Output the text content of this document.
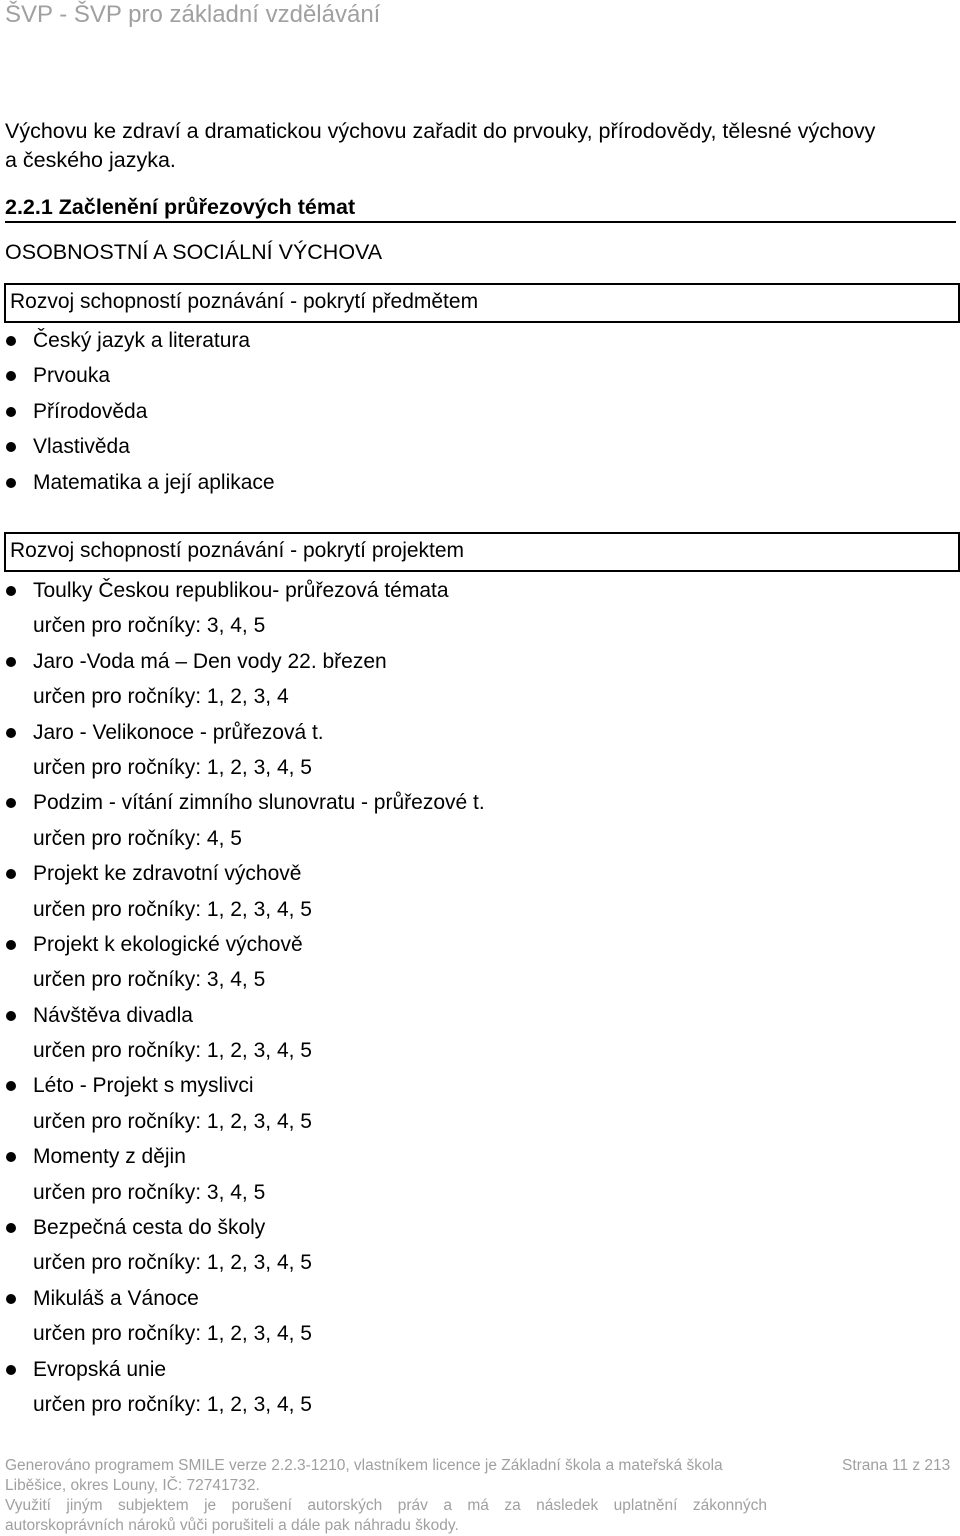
ŠVP - ŠVP pro základní vzdělávání
Výchovu ke zdraví a dramatickou výchovu zařadit do prvouky, přírodovědy, tělesné výchovy
a českého jazyka.
2.2.1 Začlenění průřezových témat
OSOBNOSTNÍ A SOCIÁLNÍ VÝCHOVA
Rozvoj schopností poznávání - pokrytí předmětem
Český jazyk a literatura
Prvouka
Přírodověda
Vlastivěda
Matematika a její aplikace
Rozvoj schopností poznávání - pokrytí projektem
Toulky Českou republikou- průřezová témata
určen pro ročníky: 3, 4, 5
Jaro -Voda má – Den vody 22. březen
určen pro ročníky: 1, 2, 3, 4
Jaro - Velikonoce - průřezová t.
určen pro ročníky: 1, 2, 3, 4, 5
Podzim - vítání zimního slunovratu - průřezové t.
určen pro ročníky: 4, 5
Projekt ke zdravotní výchově
určen pro ročníky: 1, 2, 3, 4, 5
Projekt k ekologické výchově
určen pro ročníky: 3, 4, 5
Návštěva divadla
určen pro ročníky: 1, 2, 3, 4, 5
Léto - Projekt s myslivci
určen pro ročníky: 1, 2, 3, 4, 5
Momenty z dějin
určen pro ročníky: 3, 4, 5
Bezpečná cesta do školy
určen pro ročníky: 1, 2, 3, 4, 5
Mikuláš a Vánoce
určen pro ročníky: 1, 2, 3, 4, 5
Evropská unie
určen pro ročníky: 1, 2, 3, 4, 5
Generováno programem SMILE verze 2.2.3-1210, vlastníkem licence je Základní škola a mateřská škola
Liběšice, okres Louny, IČ: 72741732.
Využití jiným subjektem je porušení autorských práv a má za následek uplatnění zákonných
autorskoprávních nároků vůči porušiteli a dále pak náhradu škody.
Strana 11 z 213
